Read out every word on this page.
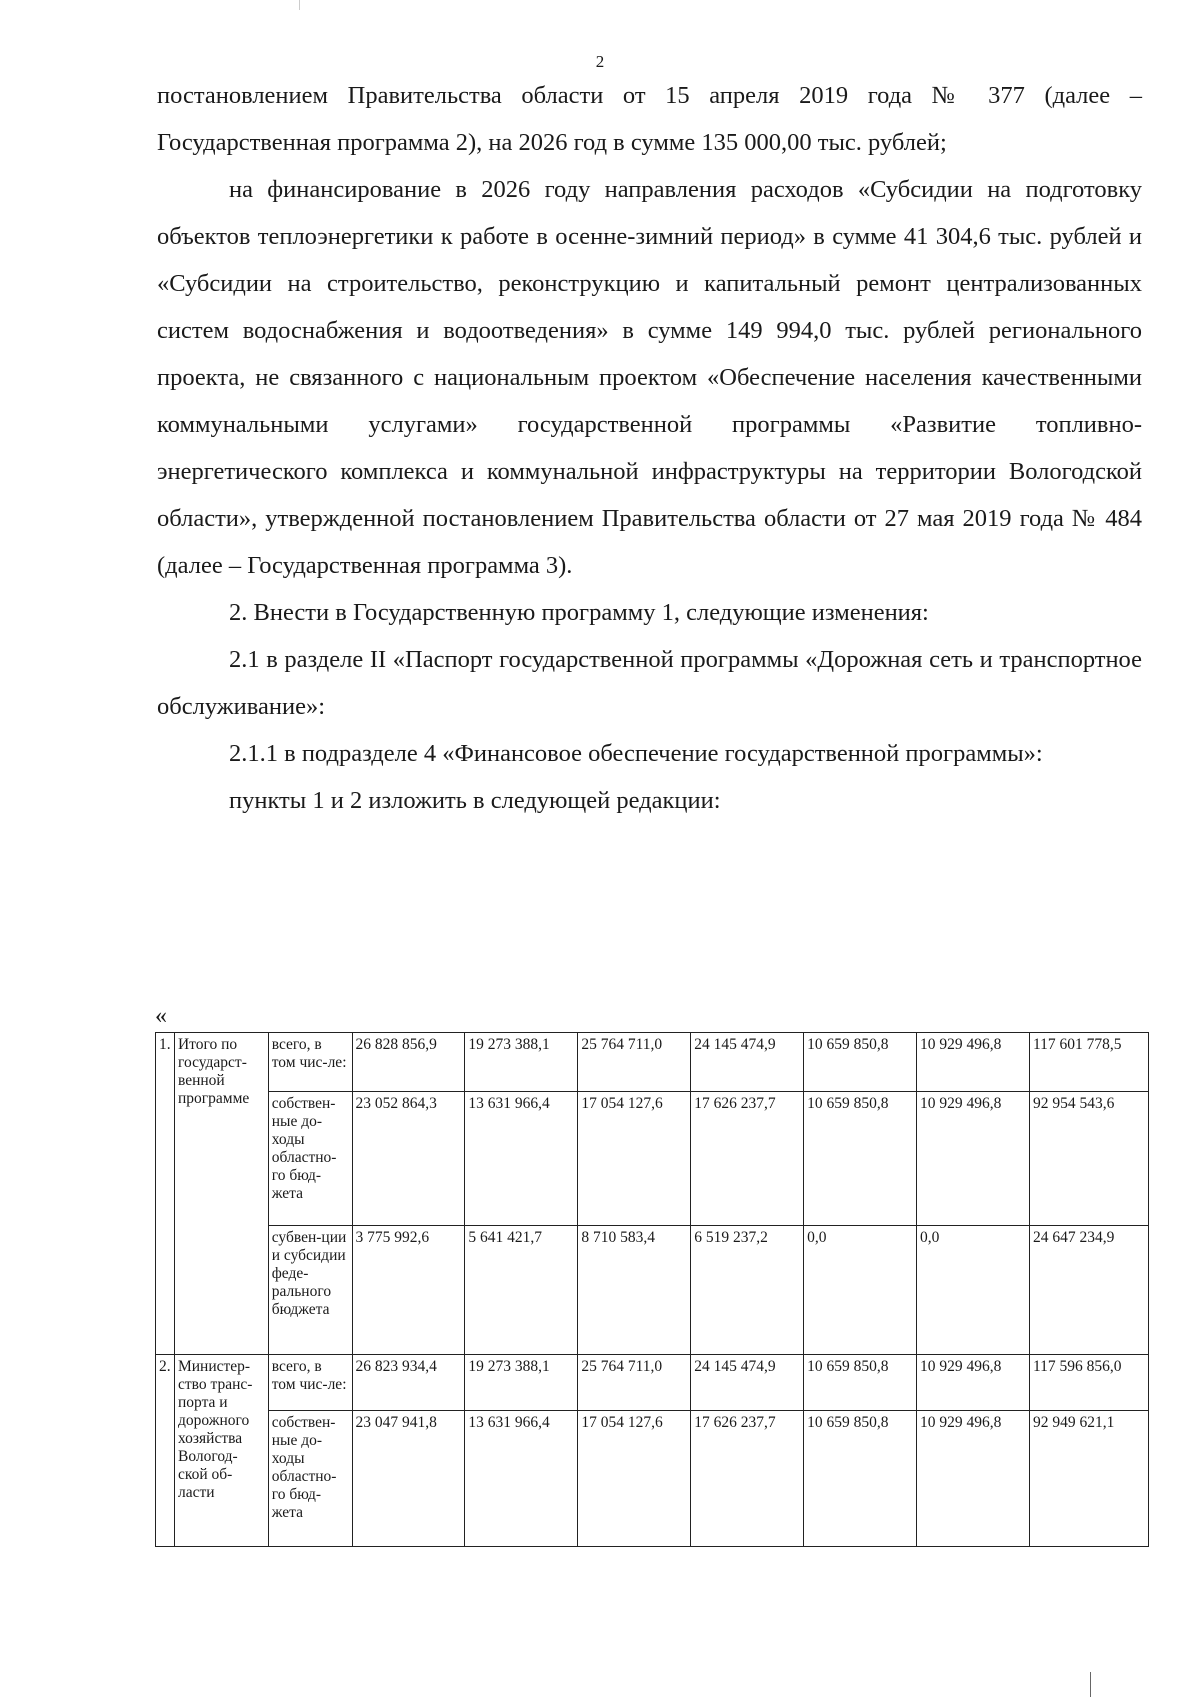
2

постановлением Правительства области от 15 апреля 2019 года № 377 (далее – Государственная программа 2), на 2026 год в сумме 135 000,00 тыс. рублей;

на финансирование в 2026 году направления расходов «Субсидии на подготовку объектов теплоэнергетики к работе в осенне-зимний период» в сумме 41 304,6 тыс. рублей и «Субсидии на строительство, реконструкцию и капитальный ремонт централизованных систем водоснабжения и водоотведения» в сумме 149 994,0 тыс. рублей регионального проекта, не связанного с национальным проектом «Обеспечение населения качественными коммунальными услугами» государственной программы «Развитие топливно-энергетического комплекса и коммунальной инфраструктуры на территории Вологодской области», утвержденной постановлением Правительства области от 27 мая 2019 года № 484 (далее – Государственная программа 3).

2. Внести в Государственную программу 1, следующие изменения:

2.1 в разделе II «Паспорт государственной программы «Дорожная сеть и транспортное обслуживание»:

2.1.1 в подразделе 4 «Финансовое обеспечение государственной программы»:

пункты 1 и 2 изложить в следующей редакции:

«
1.	Итого по государст-венной программе	всего, в том чис-ле:	26 828 856,9	19 273 388,1	25 764 711,0	24 145 474,9	10 659 850,8	10 929 496,8	117 601 778,5
		собствен-ные до-ходы областно-го бюд-жета	23 052 864,3	13 631 966,4	17 054 127,6	17 626 237,7	10 659 850,8	10 929 496,8	92 954 543,6
		субвен-ции и субсидии феде-рального бюджета	3 775 992,6	5 641 421,7	8 710 583,4	6 519 237,2	0,0	0,0	24 647 234,9
2.	Министер-ство транс-порта и дорожного хозяйства Вологод-ской об-ласти	всего, в том чис-ле:	26 823 934,4	19 273 388,1	25 764 711,0	24 145 474,9	10 659 850,8	10 929 496,8	117 596 856,0
		собствен-ные до-ходы областно-го бюд-жета	23 047 941,8	13 631 966,4	17 054 127,6	17 626 237,7	10 659 850,8	10 929 496,8	92 949 621,1
